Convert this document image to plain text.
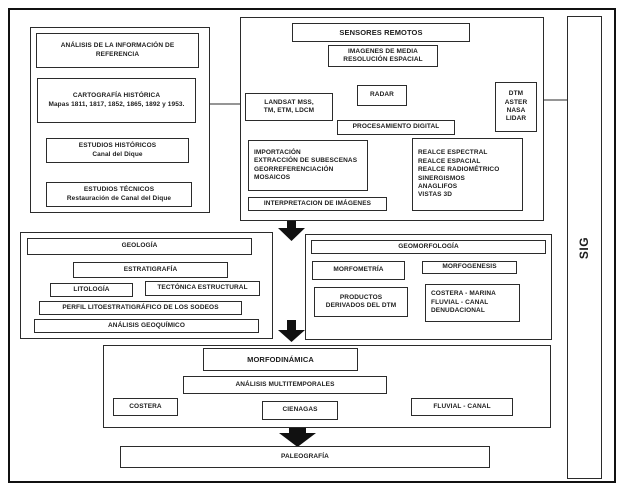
SIG
ANÁLISIS DE LA INFORMACIÓN DE
REFERENCIA
CARTOGRAFÍA HISTÓRICA
Mapas 1811, 1817, 1852, 1865, 1892 y 1953.
ESTUDIOS HISTÓRICOS
Canal del Dique
ESTUDIOS TÉCNICOS
Restauración de Canal del Dique
SENSORES REMOTOS
IMAGENES DE MEDIA
RESOLUCIÓN ESPACIAL
LANDSAT MSS,
TM, ETM, LDCM
RADAR	DTM
ASTER
NASA
LIDAR
PROCESAMIENTO DIGITAL
IMPORTACIÓN
EXTRACCIÓN DE SUBESCENAS
GEORREFERENCIACIÓN
MOSAICOS
REALCE ESPECTRAL
REALCE ESPACIAL
REALCE RADIOMÉTRICO
SINERGISMOS
ANAGLIFOS
VISTAS 3D
INTERPRETACION DE IMÁGENES
GEOLOGÍA
ESTRATIGRAFÍA
LITOLOGÍA	TECTÓNICA ESTRUCTURAL
PERFIL LITOESTRATIGRÁFICO DE LOS SODEOS
ANÁLISIS GEOQUÍMICO
GEOMORFOLOGÍA
MORFOMETRÍA	MORFOGENESIS
PRODUCTOS
DERIVADOS DEL DTM
COSTERA - MARINA
FLUVIAL - CANAL
DENUDACIONAL
MORFODINÁMICA
ANÁLISIS MULTITEMPORALES
COSTERA	CIENAGAS	FLUVIAL - CANAL
PALEOGRAFÍA
